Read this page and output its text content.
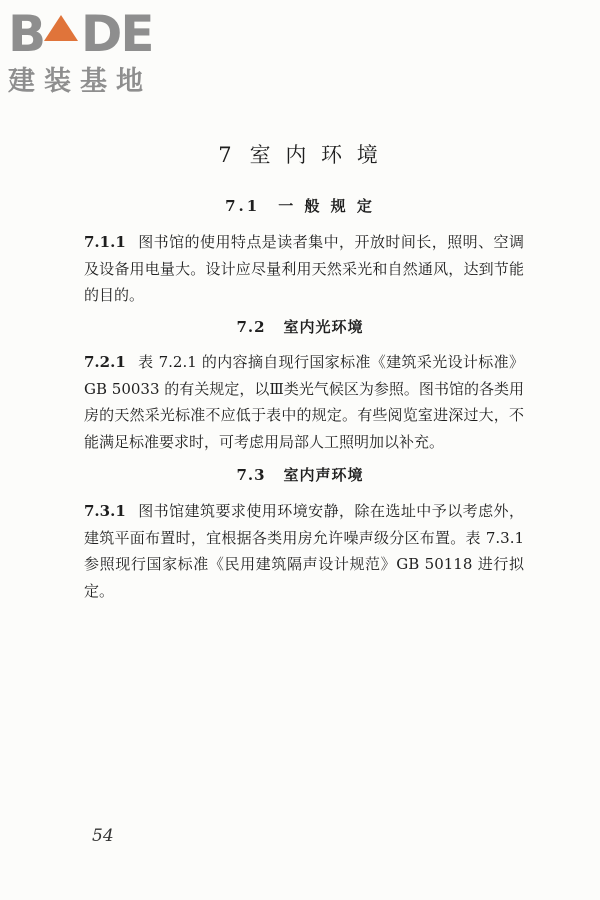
B DE
建装基地
7 室 内 环 境
7.1 一 般 规 定

7.1.1 图书馆的使用特点是读者集中，开放时间长，照明、空调及设备用电量大。设计应尽量利用天然采光和自然通风，达到节能的目的。

7.2 室内光环境

7.2.1 表 7.2.1 的内容摘自现行国家标准《建筑采光设计标准》GB 50033 的有关规定，以Ⅲ类光气候区为参照。图书馆的各类用房的天然采光标准不应低于表中的规定。有些阅览室进深过大，不能满足标准要求时，可考虑用局部人工照明加以补充。

7.3 室内声环境

7.3.1 图书馆建筑要求使用环境安静，除在选址中予以考虑外，建筑平面布置时，宜根据各类用房允许噪声级分区布置。表 7.3.1 参照现行国家标准《民用建筑隔声设计规范》GB 50118 进行拟定。

54
